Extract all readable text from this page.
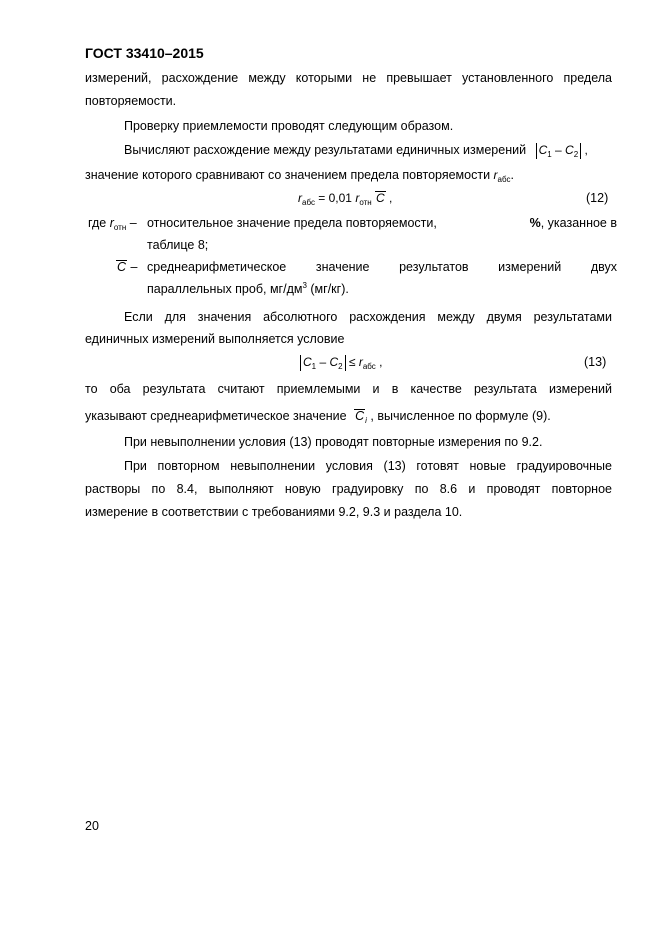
ГОСТ 33410–2015
измерений, расхождение между которыми не превышает установленного предела
повторяемости.
Проверку приемлемости проводят следующим образом.
Вычисляют расхождение между результатами единичных измерений $C_1 - C_2$ ,
значение которого сравнивают со значением предела повторяемости $r_{абс}$.
$r_{абс} = 0,01$ $r_{отн}$ C ,	(12)
где $r_{отн}$ – относительное значение предела повторяемости,	% , указанное в
таблице 8;
C – среднеарифметическое значение результатов измерений двух
параллельных проб, $мг/дм^3$ (мг/кг).
Если для значения абсолютного расхождения между двумя результатами
единичных измерений выполняется условие
$C_1 - C_2 \le r_{абс}$ ,	(13)
то оба результата считают приемлемыми и в качестве результата измерений
указывают среднеарифметическое значение $C_i$ , вычисленное по формуле (9).
При невыполнении условия (13) проводят повторные измерения по 9.2.
При повторном невыполнении условия (13) готовят новые градуировочные
растворы по 8.4, выполняют новую градуировку по 8.6 и проводят повторное
измерение в соответствии с требованиями 9.2, 9.3 и раздела 10.
20
